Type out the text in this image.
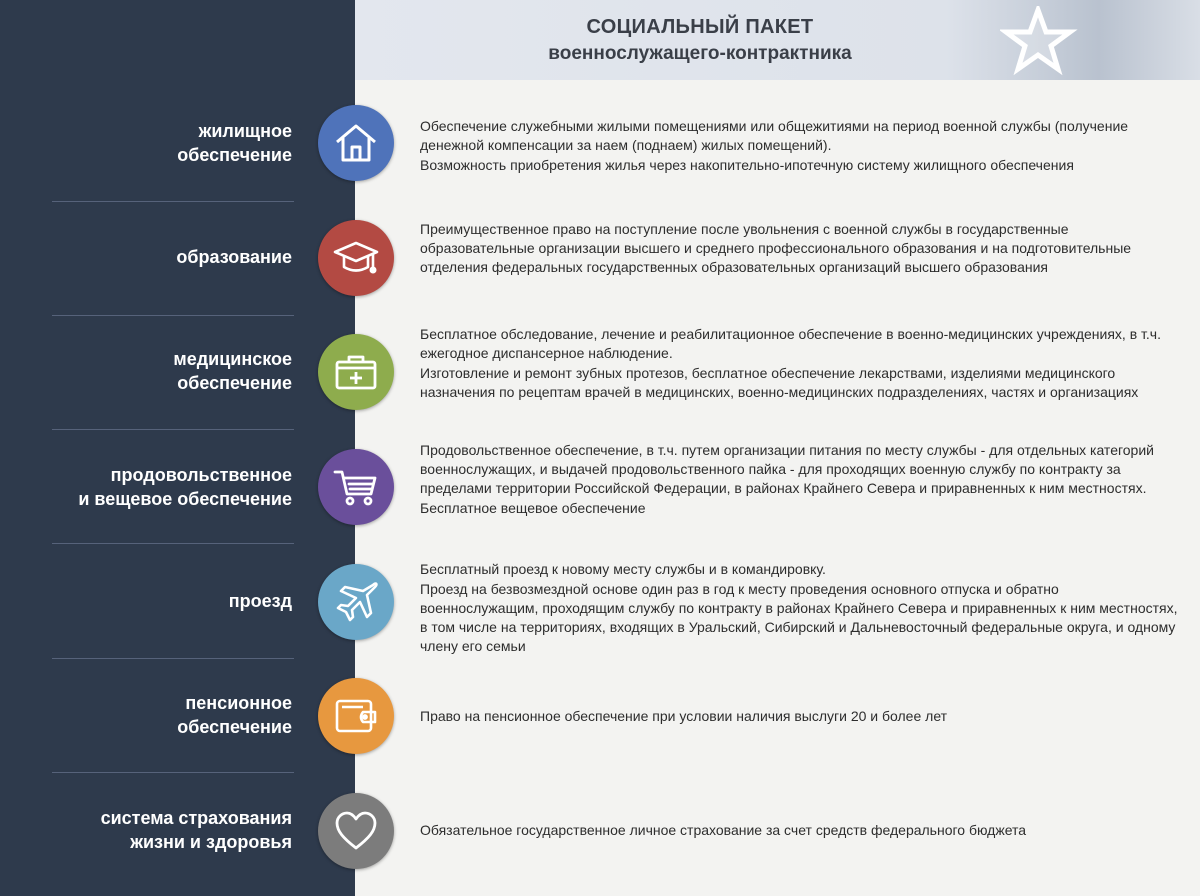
СОЦИАЛЬНЫЙ ПАКЕТ
военнослужащего-контрактника
жилищное
обеспечение

Обеспечение служебными жилыми помещениями или общежитиями на период военной службы (получение денежной компенсации за наем (поднаем) жилых помещений).

Возможность приобретения жилья через накопительно-ипотечную систему жилищного обеспечения

образование

Преимущественное право на поступление после увольнения с военной службы в государственные образовательные организации высшего и среднего профессионального образования и на подготовительные отделения федеральных государственных образовательных организаций высшего образования

медицинское
обеспечение

Бесплатное обследование, лечение и реабилитационное обеспечение в военно-медицинских учреждениях, в т.ч. ежегодное диспансерное наблюдение.

Изготовление и ремонт зубных протезов, бесплатное обеспечение лекарствами, изделиями медицинского назначения по рецептам врачей в медицинских, военно-медицинских подразделениях, частях и организациях

продовольственное
и вещевое обеспечение

Продовольственное обеспечение, в т.ч. путем организации питания по месту службы - для отдельных категорий военнослужащих, и выдачей продовольственного пайка - для проходящих военную службу по контракту за пределами территории Российской Федерации, в районах Крайнего Севера и приравненных к ним местностях.

Бесплатное вещевое обеспечение

проезд

Бесплатный проезд к новому месту службы и в командировку.

Проезд на безвозмездной основе один раз в год к месту проведения основного отпуска и обратно военнослужащим, проходящим службу по контракту в районах Крайнего Севера и приравненных к ним местностях, в том числе на территориях, входящих в Уральский, Сибирский и Дальневосточный федеральные округа, и одному члену его семьи

пенсионное
обеспечение

Право на пенсионное обеспечение при условии наличия выслуги 20 и более лет

система страхования
жизни и здоровья

Обязательное государственное личное страхование за счет средств федерального бюджета
